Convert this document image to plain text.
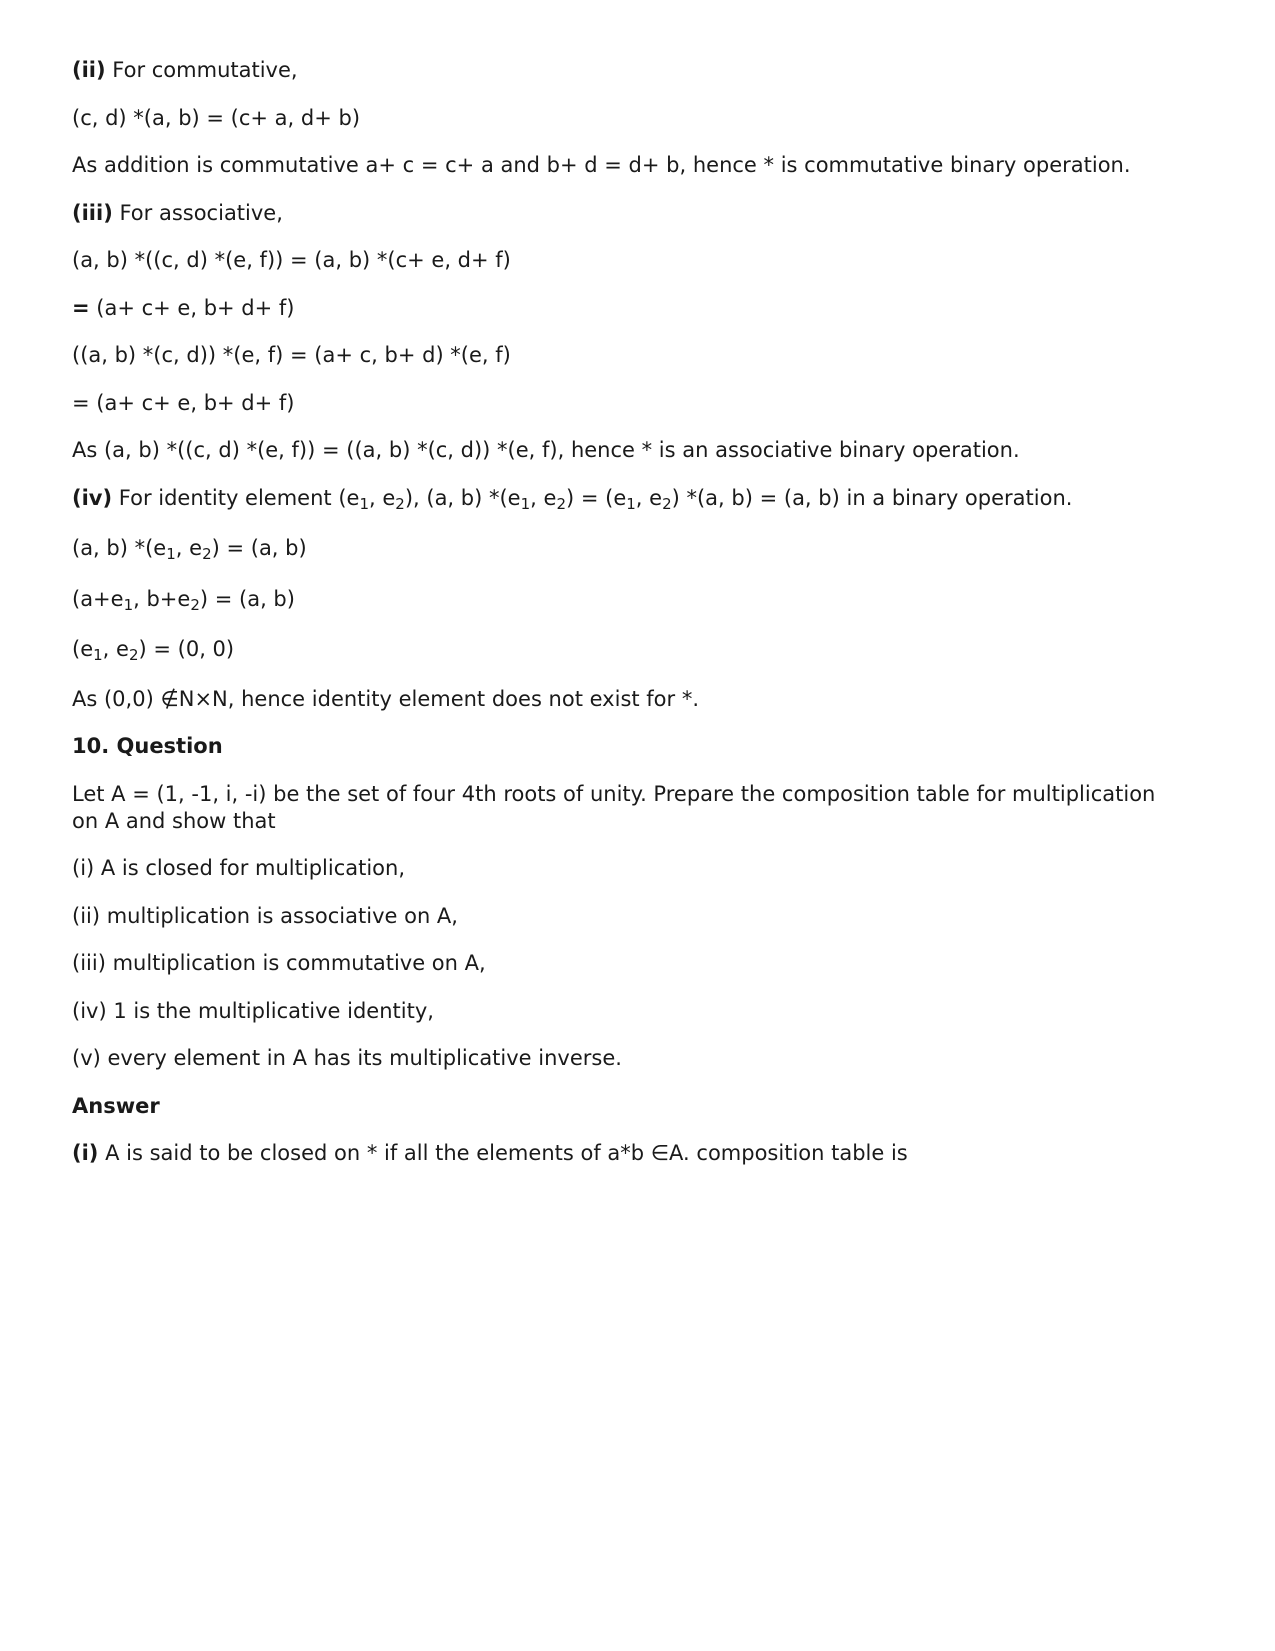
(ii) For commutative,

(c, d) *(a, b) = (c+ a, d+ b)

As addition is commutative a+ c = c+ a and b+ d = d+ b, hence * is commutative binary operation.

(iii) For associative,

(a, b) *((c, d) *(e, f)) = (a, b) *(c+ e, d+ f)

= (a+ c+ e, b+ d+ f)

((a, b) *(c, d)) *(e, f) = (a+ c, b+ d) *(e, f)

= (a+ c+ e, b+ d+ f)

As (a, b) *((c, d) *(e, f)) = ((a, b) *(c, d)) *(e, f), hence * is an associative binary operation.

(iv) For identity element ($e_1$, $e_2$), (a, b) $*(e_1$, $e_2) = (e_1$, $e_2$) *(a, b) = (a, b) in a binary operation.

(a, b) $*(e_1$, $e_2) = (a$, b)

($a+e_1$, $b+e_2) = (a$, b)

($e_1$, $e_2) = (0$, 0)

As (0,0) ∉N×N, hence identity element does not exist for *.

10. Question

Let A = (1, -1, i, -i) be the set of four 4th roots of unity. Prepare the composition table for multiplication on A and show that

(i) A is closed for multiplication,

(ii) multiplication is associative on A,

(iii) multiplication is commutative on A,

(iv) 1 is the multiplicative identity,

(v) every element in A has its multiplicative inverse.

Answer

(i) A is said to be closed on * if all the elements of a*b ∈A. composition table is
